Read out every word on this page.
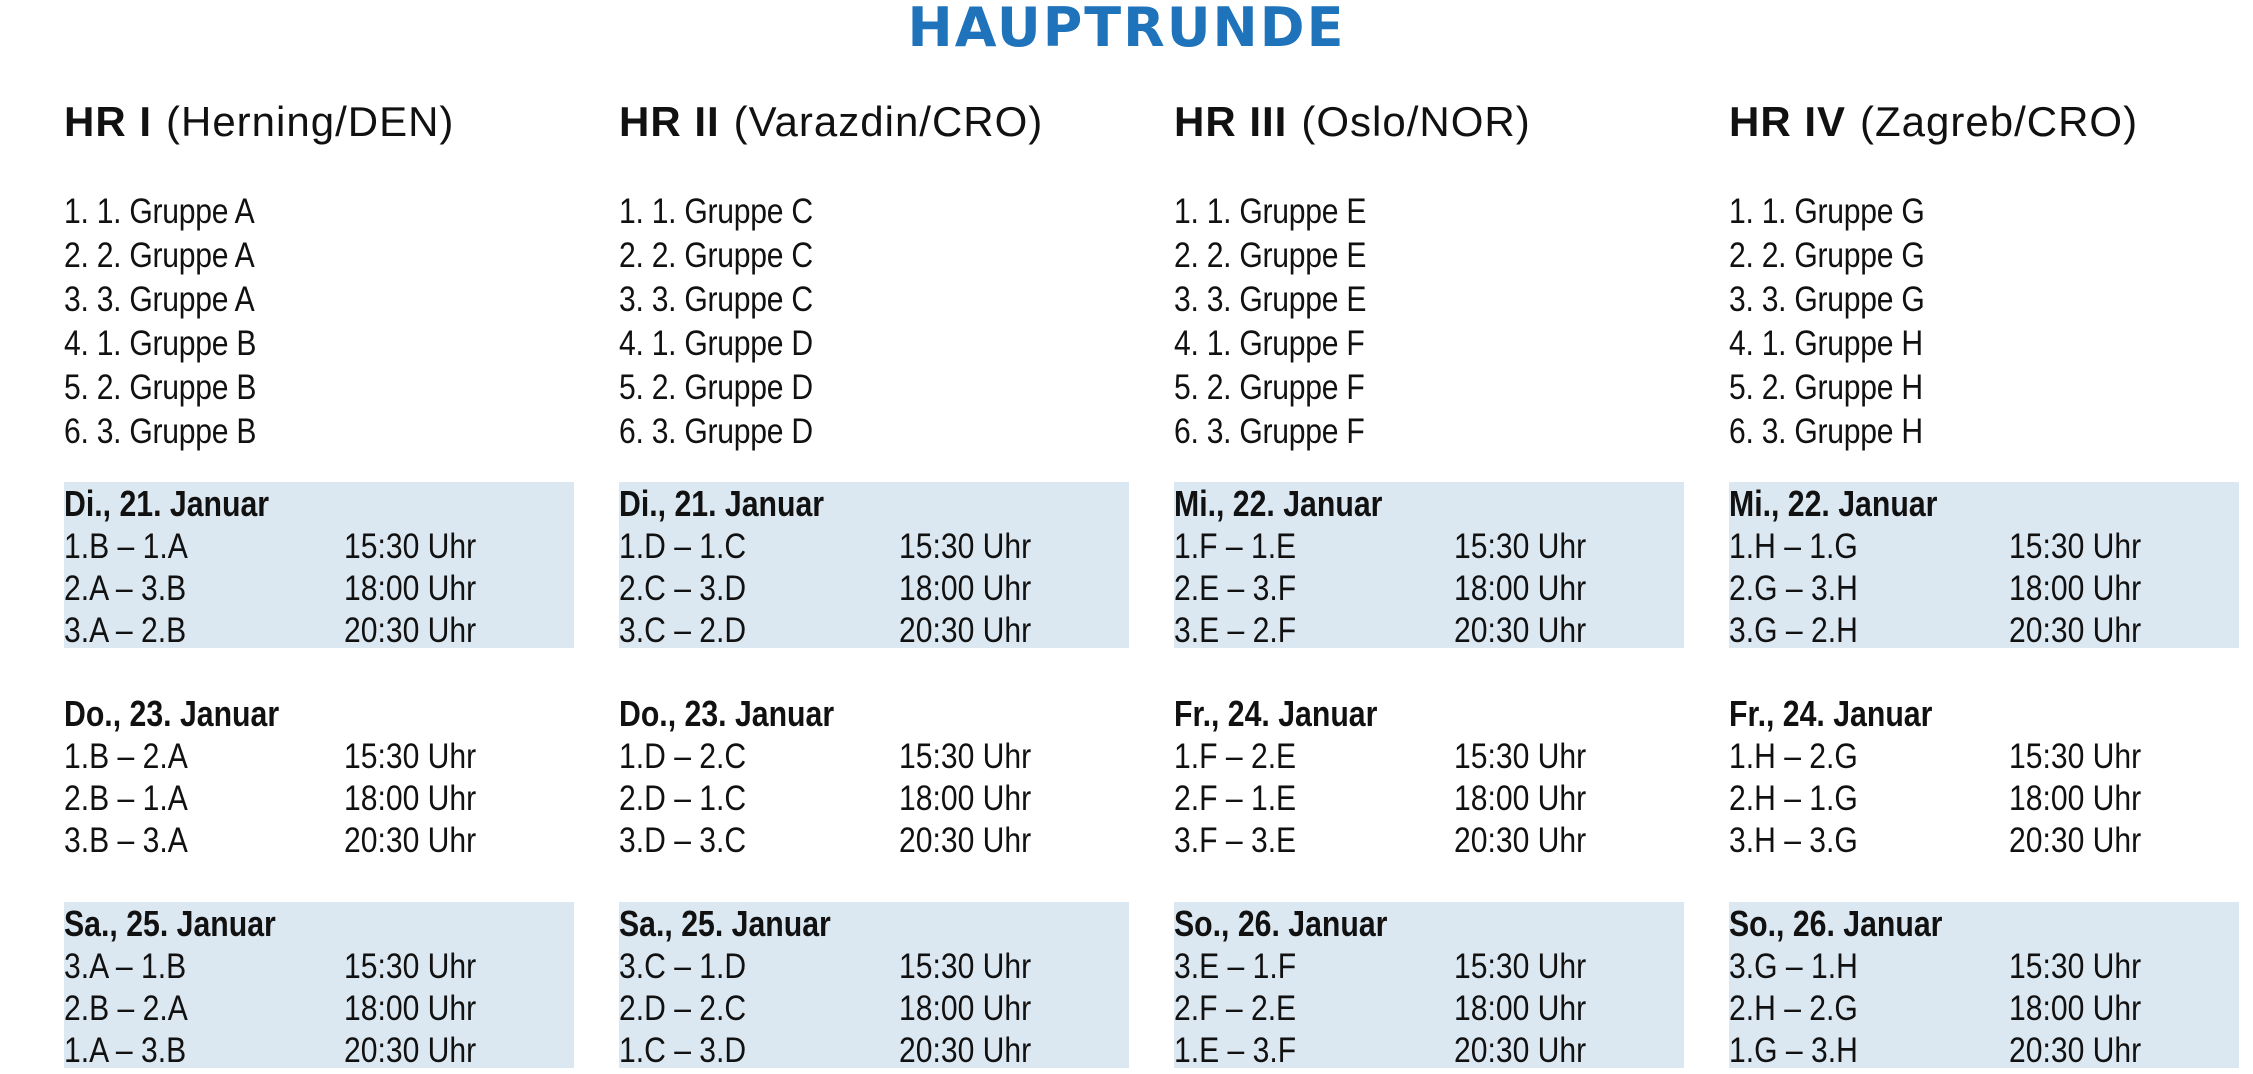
HAUPTRUNDE
HR I (Herning/DEN)
1. 1. Gruppe A
2. 2. Gruppe A
3. 3. Gruppe A
4. 1. Gruppe B
5. 2. Gruppe B
6. 3. Gruppe B
Di., 21. Januar
1.B – 1.A	15:30 Uhr
2.A – 3.B	18:00 Uhr
3.A – 2.B	20:30 Uhr
Do., 23. Januar
1.B – 2.A	15:30 Uhr
2.B – 1.A	18:00 Uhr
3.B – 3.A	20:30 Uhr
Sa., 25. Januar
3.A – 1.B	15:30 Uhr
2.B – 2.A	18:00 Uhr
1.A – 3.B	20:30 Uhr
HR II (Varazdin/CRO)
1. 1. Gruppe C
2. 2. Gruppe C
3. 3. Gruppe C
4. 1. Gruppe D
5. 2. Gruppe D
6. 3. Gruppe D
Di., 21. Januar
1.D – 1.C	15:30 Uhr
2.C – 3.D	18:00 Uhr
3.C – 2.D	20:30 Uhr
Do., 23. Januar
1.D – 2.C	15:30 Uhr
2.D – 1.C	18:00 Uhr
3.D – 3.C	20:30 Uhr
Sa., 25. Januar
3.C – 1.D	15:30 Uhr
2.D – 2.C	18:00 Uhr
1.C – 3.D	20:30 Uhr
HR III (Oslo/NOR)
1. 1. Gruppe E
2. 2. Gruppe E
3. 3. Gruppe E
4. 1. Gruppe F
5. 2. Gruppe F
6. 3. Gruppe F
Mi., 22. Januar
1.F – 1.E	15:30 Uhr
2.E – 3.F	18:00 Uhr
3.E – 2.F	20:30 Uhr
Fr., 24. Januar
1.F – 2.E	15:30 Uhr
2.F – 1.E	18:00 Uhr
3.F – 3.E	20:30 Uhr
So., 26. Januar
3.E – 1.F	15:30 Uhr
2.F – 2.E	18:00 Uhr
1.E – 3.F	20:30 Uhr
HR IV (Zagreb/CRO)
1. 1. Gruppe G
2. 2. Gruppe G
3. 3. Gruppe G
4. 1. Gruppe H
5. 2. Gruppe H
6. 3. Gruppe H
Mi., 22. Januar
1.H – 1.G	15:30 Uhr
2.G – 3.H	18:00 Uhr
3.G – 2.H	20:30 Uhr
Fr., 24. Januar
1.H – 2.G	15:30 Uhr
2.H – 1.G	18:00 Uhr
3.H – 3.G	20:30 Uhr
So., 26. Januar
3.G – 1.H	15:30 Uhr
2.H – 2.G	18:00 Uhr
1.G – 3.H	20:30 Uhr
